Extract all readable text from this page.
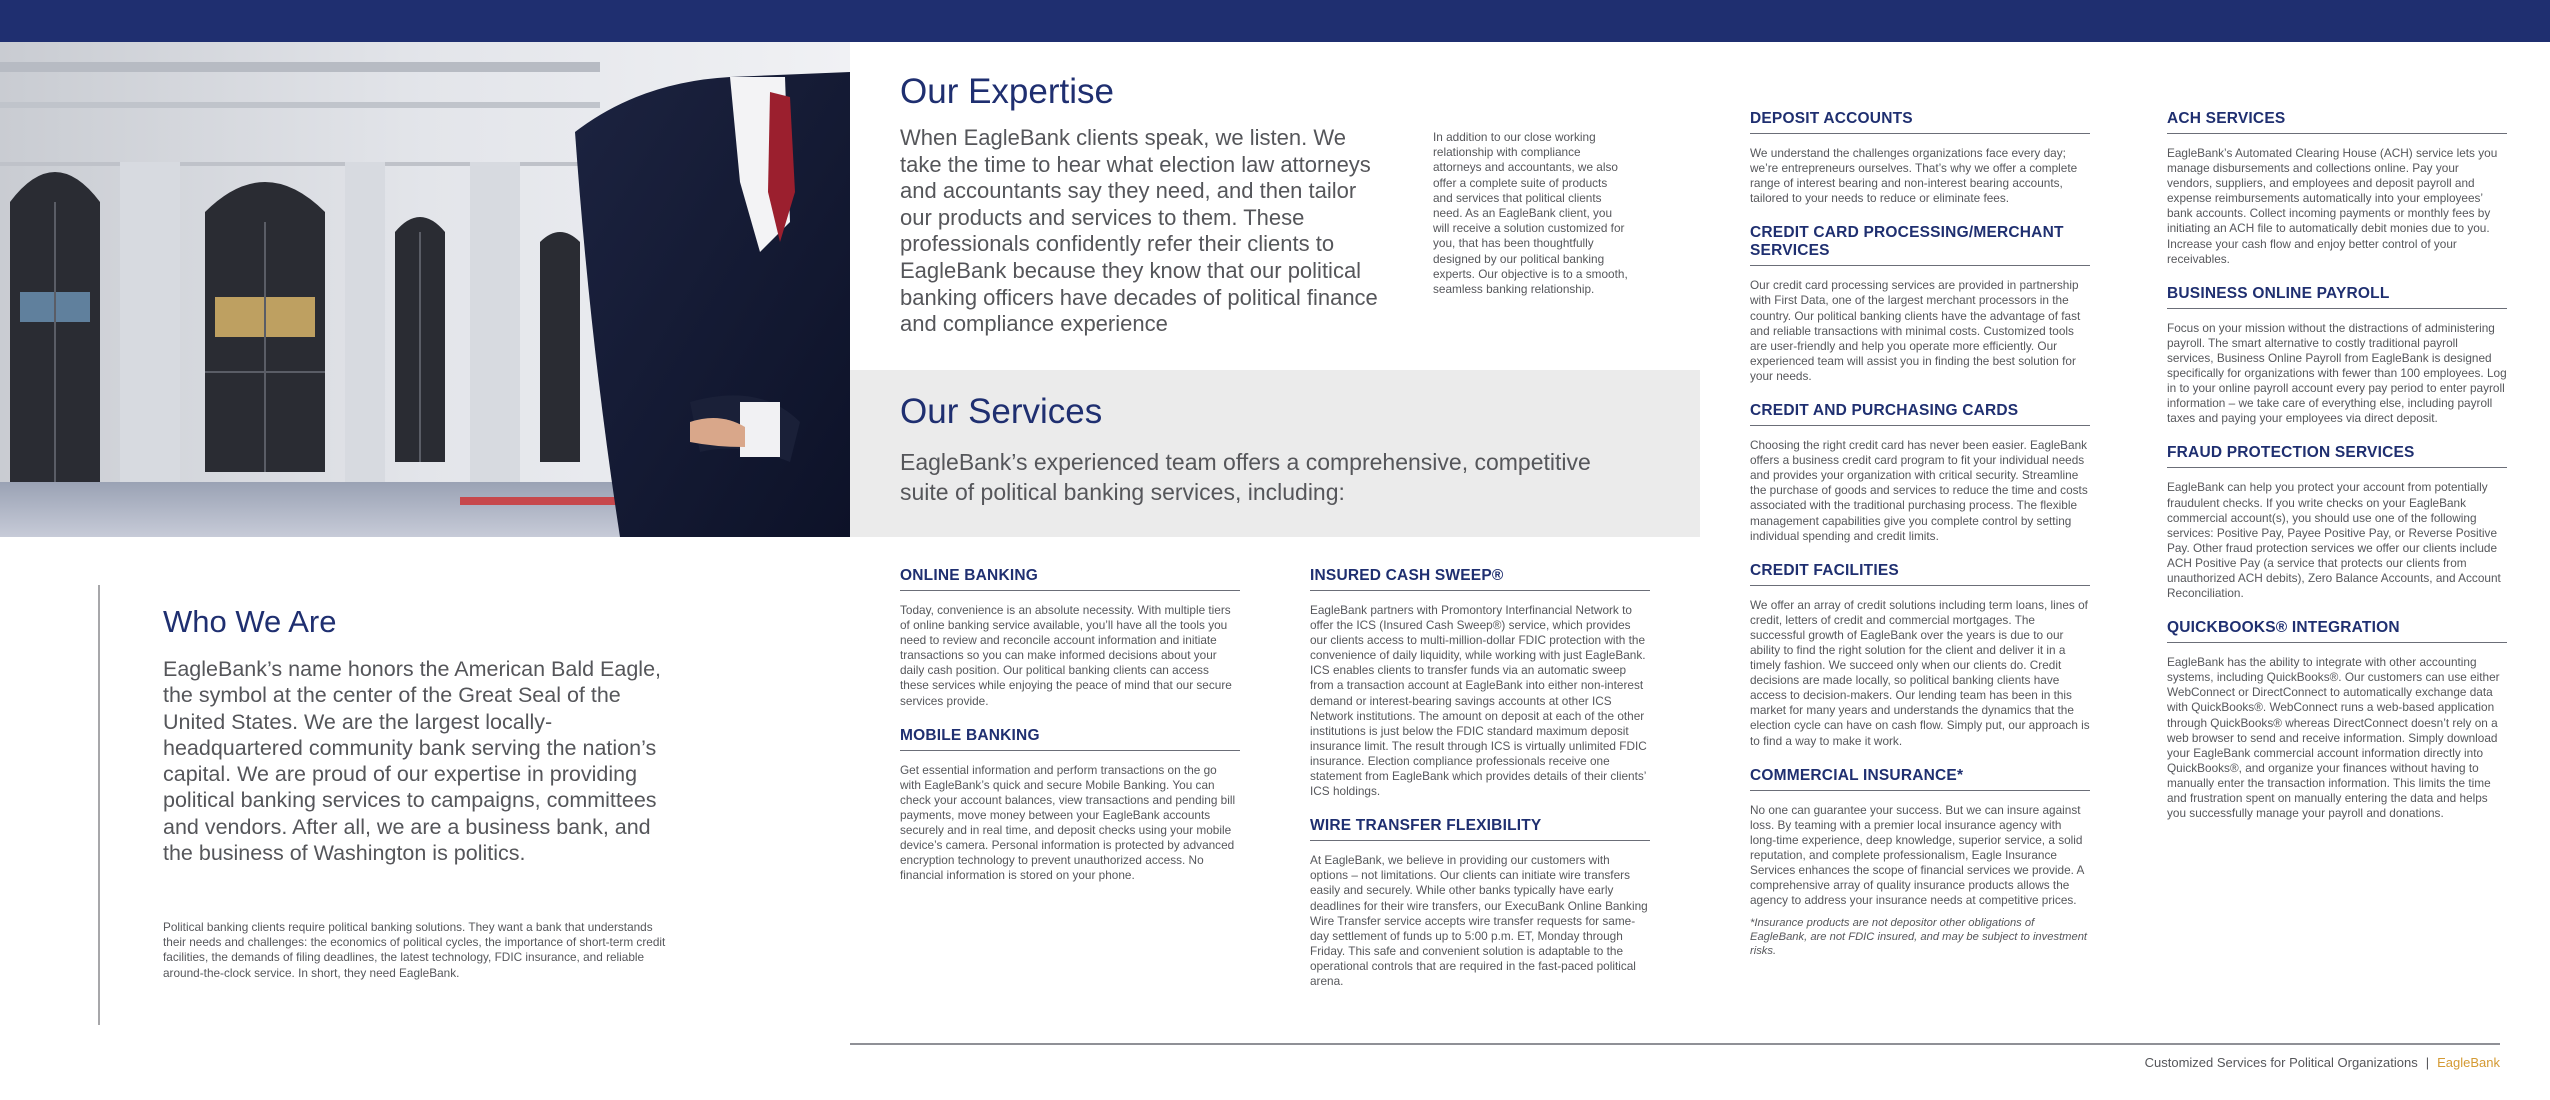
Our Expertise

When EagleBank clients speak, we listen. We take the time to hear what election law attorneys and accountants say they need, and then tailor our products and services to them. These professionals confidently refer their clients to EagleBank because they know that our political banking officers have decades of political finance and compliance experience

In addition to our close working relationship with compliance attorneys and accountants, we also offer a complete suite of products and services that political clients need. As an EagleBank client, you will receive a solution customized for you, that has been thoughtfully designed by our political banking experts. Our objective is to a smooth, seamless banking relationship.

Our Services

EagleBank’s experienced team offers a comprehensive, competitive suite of political banking services, including:

Who We Are

EagleBank’s name honors the American Bald Eagle, the symbol at the center of the Great Seal of the United States. We are the largest locally-headquartered community bank serving the nation’s capital. We are proud of our expertise in providing political banking services to campaigns, committees and vendors. After all, we are a business bank, and the business of Washington is politics.

Political banking clients require political banking solutions. They want a bank that understands their needs and challenges: the economics of political cycles, the importance of short-term credit facilities, the demands of filing deadlines, the latest technology, FDIC insurance, and reliable around-the-clock service. In short, they need EagleBank.

ONLINE BANKING

Today, convenience is an absolute necessity. With multiple tiers of online banking service available, you’ll have all the tools you need to review and reconcile account information and initiate transactions so you can make informed decisions about your daily cash position. Our political banking clients can access these services while enjoying the peace of mind that our secure services provide.

MOBILE BANKING

Get essential information and perform transactions on the go with EagleBank’s quick and secure Mobile Banking. You can check your account balances, view transactions and pending bill payments, move money between your EagleBank accounts securely and in real time, and deposit checks using your mobile device’s camera. Personal information is protected by advanced encryption technology to prevent unauthorized access. No financial information is stored on your phone.

INSURED CASH SWEEP®

EagleBank partners with Promontory Interfinancial Network to offer the ICS (Insured Cash Sweep®) service, which provides our clients access to multi-million-dollar FDIC protection with the convenience of daily liquidity, while working with just EagleBank. ICS enables clients to transfer funds via an automatic sweep from a transaction account at EagleBank into either non-interest demand or interest-bearing savings accounts at other ICS Network institutions. The amount on deposit at each of the other institutions is just below the FDIC standard maximum deposit insurance limit. The result through ICS is virtually unlimited FDIC insurance. Election compliance professionals receive one statement from EagleBank which provides details of their clients’ ICS holdings.

WIRE TRANSFER FLEXIBILITY

At EagleBank, we believe in providing our customers with options – not limitations. Our clients can initiate wire transfers easily and securely. While other banks typically have early deadlines for their wire transfers, our ExecuBank Online Banking Wire Transfer service accepts wire transfer requests for same-day settlement of funds up to 5:00 p.m. ET, Monday through Friday. This safe and convenient solution is adaptable to the operational controls that are required in the fast-paced political arena.

DEPOSIT ACCOUNTS

We understand the challenges organizations face every day; we’re entrepreneurs ourselves. That’s why we offer a complete range of interest bearing and non-interest bearing accounts, tailored to your needs to reduce or eliminate fees.

CREDIT CARD PROCESSING/MERCHANT SERVICES

Our credit card processing services are provided in partnership with First Data, one of the largest merchant processors in the country. Our political banking clients have the advantage of fast and reliable transactions with minimal costs. Customized tools are user-friendly and help you operate more efficiently. Our experienced team will assist you in finding the best solution for your needs.

CREDIT AND PURCHASING CARDS

Choosing the right credit card has never been easier. EagleBank offers a business credit card program to fit your individual needs and provides your organization with critical security. Streamline the purchase of goods and services to reduce the time and costs associated with the traditional purchasing process. The flexible management capabilities give you complete control by setting individual spending and credit limits.

CREDIT FACILITIES

We offer an array of credit solutions including term loans, lines of credit, letters of credit and commercial mortgages. The successful growth of EagleBank over the years is due to our ability to find the right solution for the client and deliver it in a timely fashion. We succeed only when our clients do. Credit decisions are made locally, so political banking clients have access to decision-makers. Our lending team has been in this market for many years and understands the dynamics that the election cycle can have on cash flow. Simply put, our approach is to find a way to make it work.

COMMERCIAL INSURANCE*

No one can guarantee your success. But we can insure against loss. By teaming with a premier local insurance agency with long-time experience, deep knowledge, superior service, a solid reputation, and complete professionalism, Eagle Insurance Services enhances the scope of financial services we provide. A comprehensive array of quality insurance products allows the agency to address your insurance needs at competitive prices.

*Insurance products are not depositor other obligations of EagleBank, are not FDIC insured, and may be subject to investment risks.

ACH SERVICES

EagleBank’s Automated Clearing House (ACH) service lets you manage disbursements and collections online. Pay your vendors, suppliers, and employees and deposit payroll and expense reimbursements automatically into your employees’ bank accounts. Collect incoming payments or monthly fees by initiating an ACH file to automatically debit monies due to you. Increase your cash flow and enjoy better control of your receivables.

BUSINESS ONLINE PAYROLL

Focus on your mission without the distractions of administering payroll. The smart alternative to costly traditional payroll services, Business Online Payroll from EagleBank is designed specifically for organizations with fewer than 100 employees. Log in to your online payroll account every pay period to enter payroll information – we take care of everything else, including payroll taxes and paying your employees via direct deposit.

FRAUD PROTECTION SERVICES

EagleBank can help you protect your account from potentially fraudulent checks. If you write checks on your EagleBank commercial account(s), you should use one of the following services: Positive Pay, Payee Positive Pay, or Reverse Positive Pay. Other fraud protection services we offer our clients include ACH Positive Pay (a service that protects our clients from unauthorized ACH debits), Zero Balance Accounts, and Account Reconciliation.

QUICKBOOKS® INTEGRATION

EagleBank has the ability to integrate with other accounting systems, including QuickBooks®. Our customers can use either WebConnect or DirectConnect to automatically exchange data with QuickBooks®. WebConnect runs a web-based application through QuickBooks® whereas DirectConnect doesn’t rely on a web browser to send and receive information. Simply download your EagleBank commercial account information directly into QuickBooks®, and organize your finances without having to manually enter the transaction information. This limits the time and frustration spent on manually entering the data and helps you successfully manage your payroll and donations.

Customized Services for Political Organizations | EagleBank
